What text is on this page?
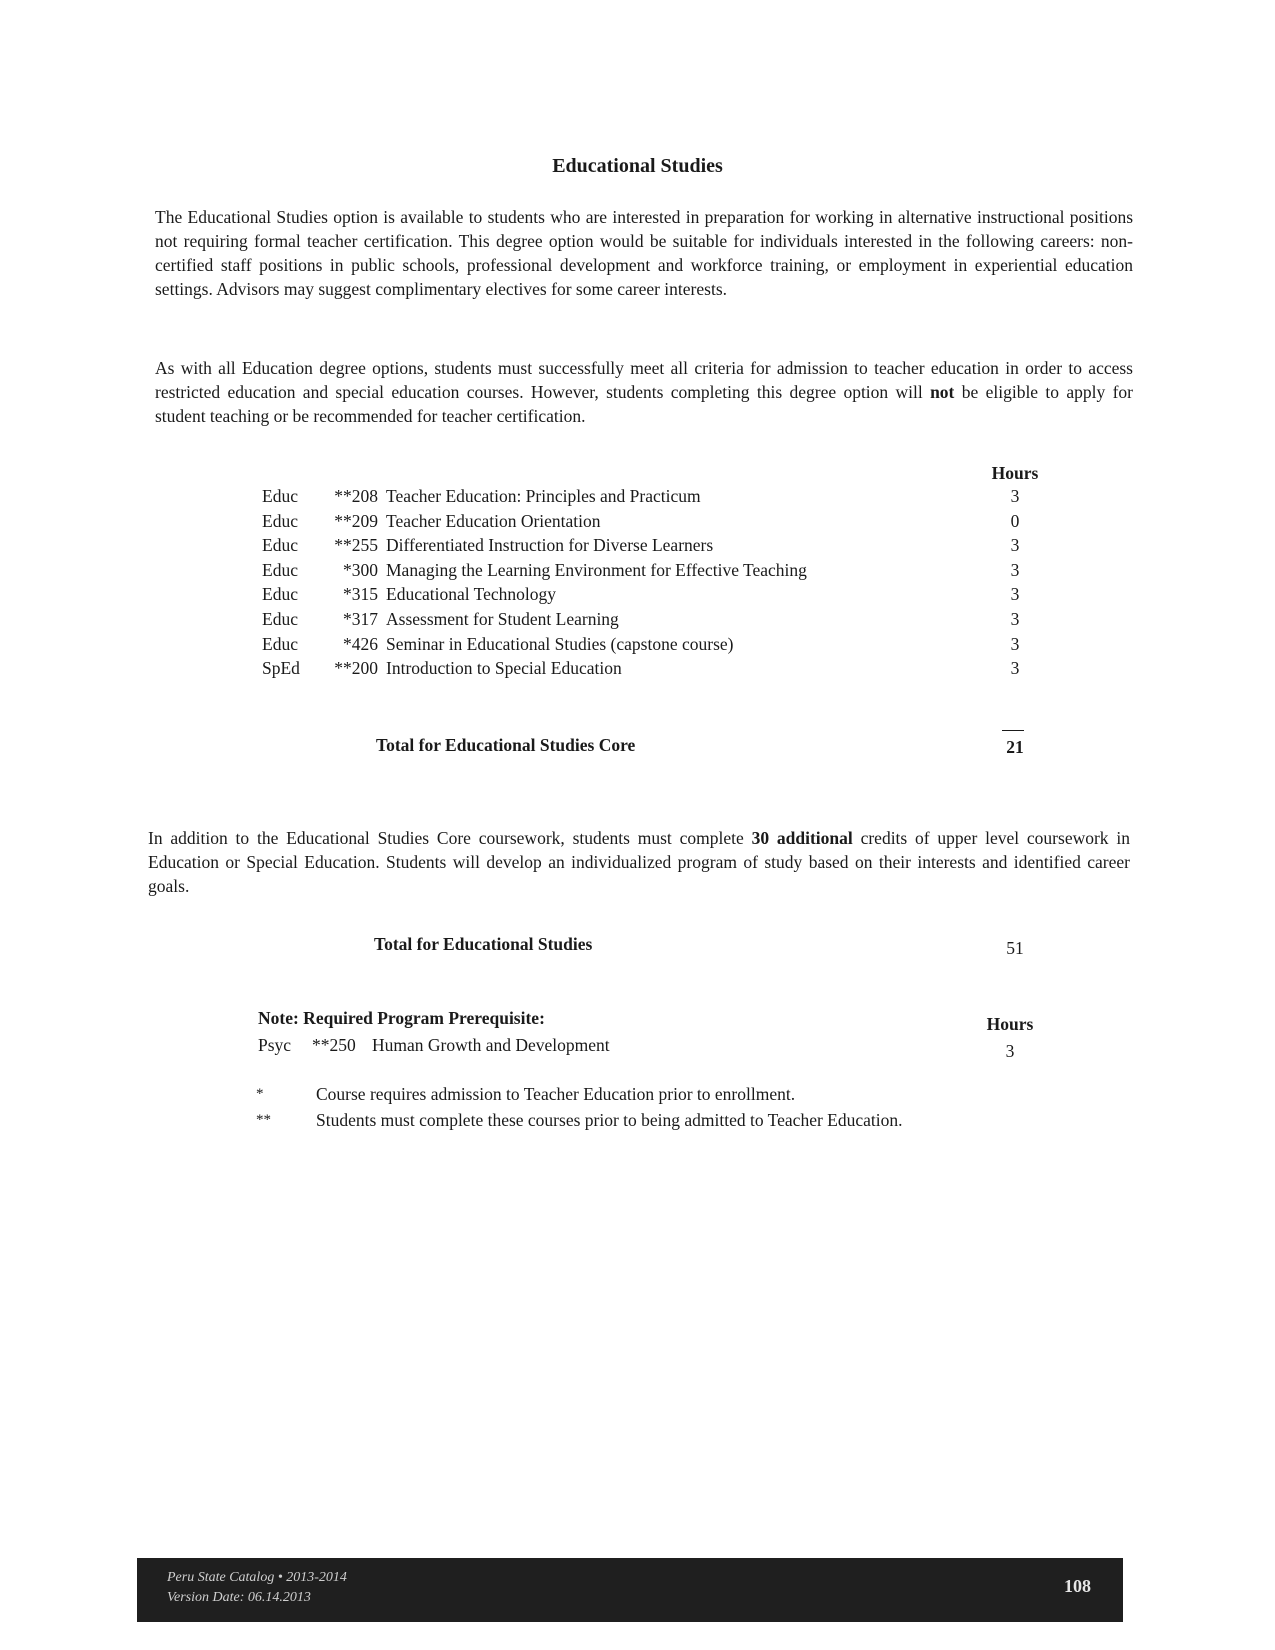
Educational Studies

The Educational Studies option is available to students who are interested in preparation for working in alternative instructional positions not requiring formal teacher certification. This degree option would be suitable for individuals interested in the following careers: non-certified staff positions in public schools, professional development and workforce training, or employment in experiential education settings. Advisors may suggest complimentary electives for some career interests.

As with all Education degree options, students must successfully meet all criteria for admission to teacher education in order to access restricted education and special education courses. However, students completing this degree option will not be eligible to apply for student teaching or be recommended for teacher certification.

Hours
Educ	**208 Teacher Education: Principles and Practicum	3
Educ	**209 Teacher Education Orientation	0
Educ	**255 Differentiated Instruction for Diverse Learners	3
Educ	*300 Managing the Learning Environment for Effective Teaching	3
Educ	*315 Educational Technology	3
Educ	*317 Assessment for Student Learning	3
Educ	*426 Seminar in Educational Studies (capstone course)	3
SpEd	**200 Introduction to Special Education	3
Total for Educational Studies Core	21

In addition to the Educational Studies Core coursework, students must complete 30 additional credits of upper level coursework in Education or Special Education. Students will develop an individualized program of study based on their interests and identified career goals.

Total for Educational Studies	51
Note: Required Program Prerequisite:	Hours
Psyc **250 Human Growth and Development	3
*	Course requires admission to Teacher Education prior to enrollment.
**	Students must complete these courses prior to being admitted to Teacher Education.
Peru State Catalog • 2013-2014
Version Date: 06.14.2013
108
